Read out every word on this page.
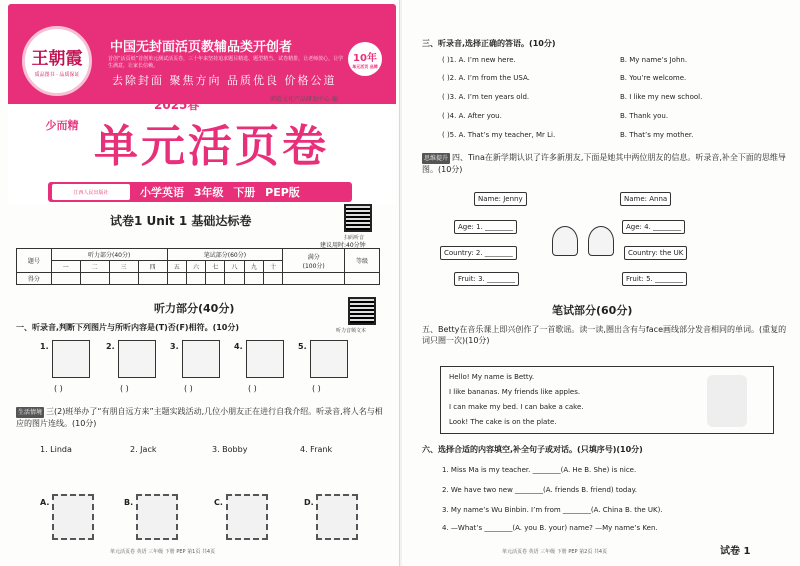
王朝霞
质品图书 · 品质保证
中国无封面活页教辅品类开创者
首创“活页纸”首创单元测试活页卷，三十年来坚持追求题目精选、题型精当、试卷精排，让老师放心，让学生满意，让家长信赖。
去除封面 聚焦方向 品质优良 价格公道
10年
单元活页 品牌
2025春	朝霞文化产品研发中心 编
少而精 单元活页卷
江西人民出版社	小学英语 3年级 下册 PEP版
试卷1 Unit 1 基础达标卷
扫码听音
建议用时:40分钟
题号	听力部分(40分)				笔试部分(60分)						满分
(100分)	等级
	一	二	三	四	五	六	七	八	九	十		
得分												
听力部分(40分)
听力音频文本
一、听录音,判断下列图片与所听内容是(T)否(F)相符。(10分)
1.	2.	3.	4.	5.
( )	( )	( )	( )	( )
生活情境 三(2)班举办了“有朋自远方来”主题实践活动,几位小朋友正在进行自我介绍。听录音,将人名与相应的图片连线。(10分)
1. Linda	2. Jack	3. Bobby	4. Frank
A.	B.	C.	D.
单元活页卷 英语 三年级 下册 PEP 第1页 共4页
三、听录音,选择正确的答语。(10分)
( )1. A. I’m new here.	B. My name’s John.
( )2. A. I’m from the USA.	B. You’re welcome.
( )3. A. I’m ten years old.	B. I like my new school.
( )4. A. After you.	B. Thank you.
( )5. A. That’s my teacher, Mr Li.	B. That’s my mother.
思维提升 四、Tina在新学期认识了许多新朋友,下面是她其中两位朋友的信息。听录音,补全下面的思维导图。(10分)
Name: Jenny
Age: 1. ________
Country: 2. ________
Fruit: 3. ________
Name: Anna
Age: 4. ________
Country: the UK
Fruit: 5. ________
笔试部分(60分)
五、Betty在音乐课上即兴创作了一首歌谣。读一读,圈出含有与face画线部分发音相同的单词。(重复的词只圈一次)(10分)
Hello! My name is Betty.
I like bananas. My friends like apples.
I can make my bed. I can bake a cake.
Look! The cake is on the plate.
六、选择合适的内容填空,补全句子或对话。(只填序号)(10分)
1. Miss Ma is my teacher. ________(A. He B. She) is nice.
2. We have two new ________(A. friends B. friend) today.
3. My name’s Wu Binbin. I’m from ________(A. China B. the UK).
4. —What’s ________(A. you B. your) name? —My name’s Ken.
单元活页卷 英语 三年级 下册 PEP 第2页 共4页	试卷 1
